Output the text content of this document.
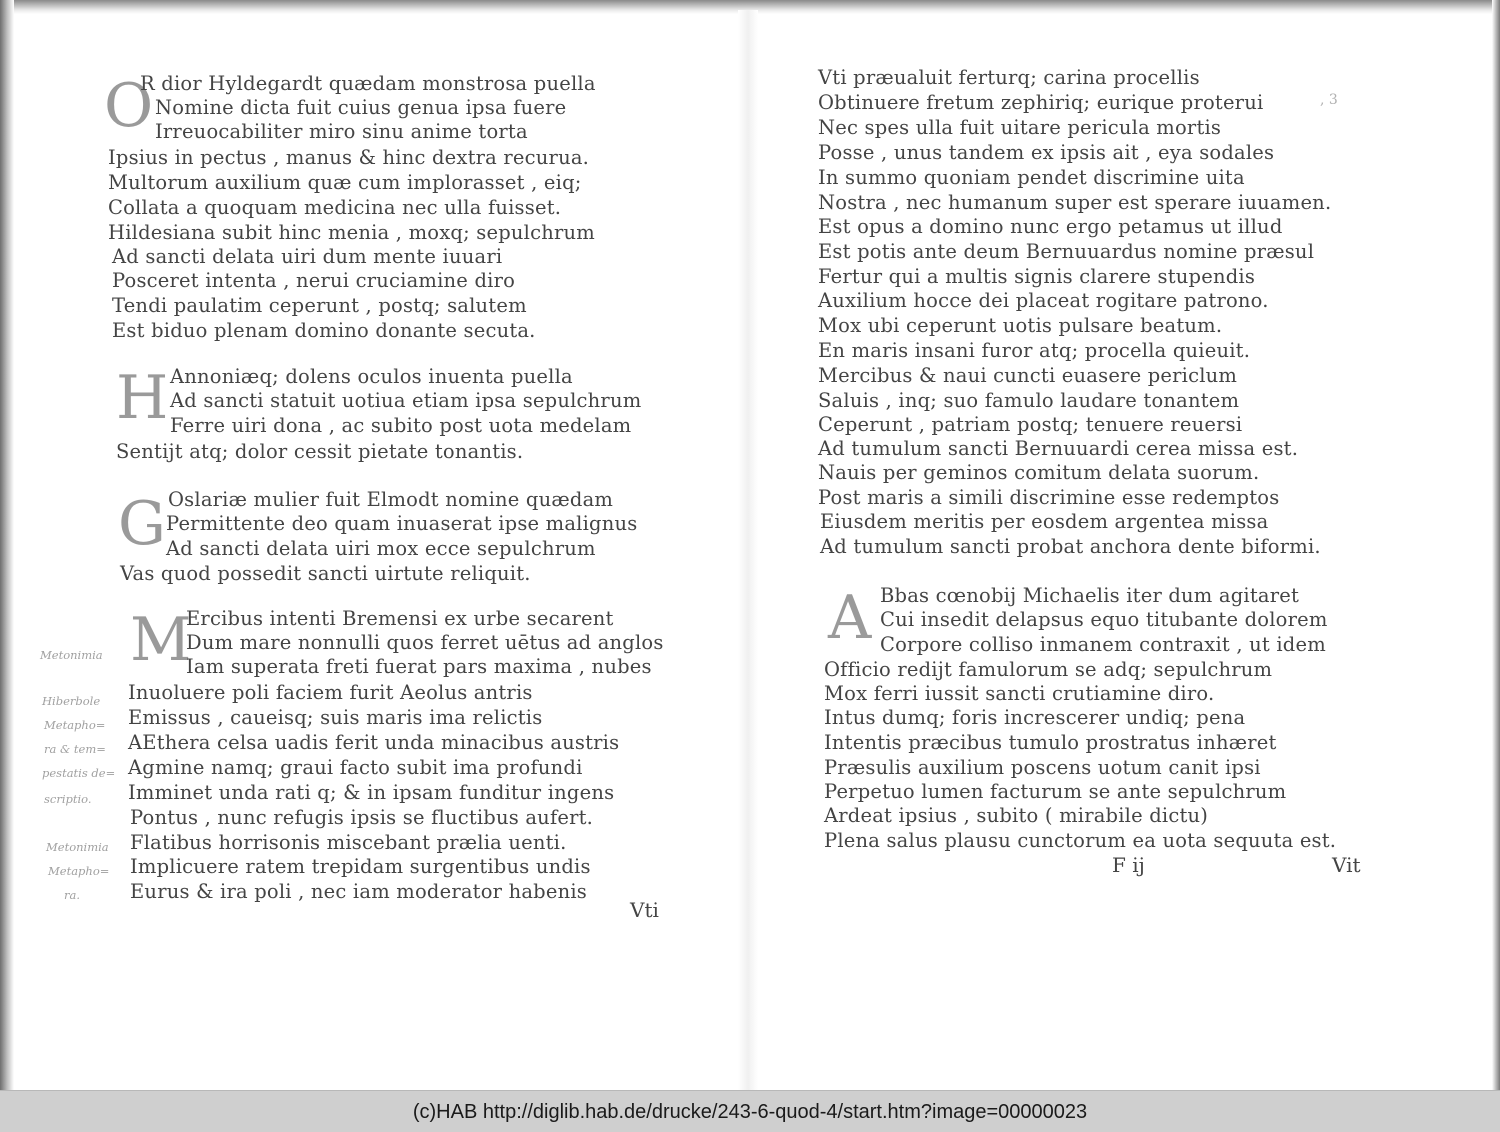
O
R dior Hyldegardt quædam monstrosa puella
Nomine dicta fuit cuius genua ipsa fuere
Irreuocabiliter miro sinu anime torta
Ipsius in pectus , manus & hinc dextra recurua.
Multorum auxilium quæ cum implorasset , eiq;
Collata a quoquam medicina nec ulla fuisset.
Hildesiana subit hinc menia , moxq; sepulchrum
Ad sancti delata uiri dum mente iuuari
Posceret intenta , nerui cruciamine diro
Tendi paulatim ceperunt , postq; salutem
Est biduo plenam domino donante secuta.
H Annoniæq; dolens oculos inuenta puella
Ad sancti statuit uotiua etiam ipsa sepulchrum
Ferre uiri dona , ac subito post uota medelam
Sentijt atq; dolor cessit pietate tonantis.
G Oslariæ mulier fuit Elmodt nomine quædam
Permittente deo quam inuaserat ipse malignus
Ad sancti delata uiri mox ecce sepulchrum
Vas quod possedit sancti uirtute reliquit.
M
Ercibus intenti Bremensi ex urbe secarent
Dum mare nonnulli quos ferret uētus ad anglos
Iam superata freti fuerat pars maxima , nubes
Inuoluere poli faciem furit Aeolus antris
Emissus , caueisq; suis maris ima relictis
AEthera celsa uadis ferit unda minacibus austris
Agmine namq; graui facto subit ima profundi
Imminet unda rati q; & in ipsam funditur ingens
Pontus , nunc refugis ipsis se fluctibus aufert.
Flatibus horrisonis miscebant prælia uenti.
Implicuere ratem trepidam surgentibus undis
Eurus & ira poli , nec iam moderator habenis
Metonimia
Hiberbole
Metapho=
ra & tem=
pestatis de=
scriptio.
Metonimia
Metapho=
ra.
Vti
Vti præualuit ferturq; carina procellis
Obtinuere fretum zephiriq; eurique proterui
Nec spes ulla fuit uitare pericula mortis
Posse , unus tandem ex ipsis ait , eya sodales
In summo quoniam pendet discrimine uita
Nostra , nec humanum super est sperare iuuamen.
Est opus a domino nunc ergo petamus ut illud
Est potis ante deum Bernuuardus nomine præsul
Fertur qui a multis signis clarere stupendis
Auxilium hocce dei placeat rogitare patrono.
Mox ubi ceperunt uotis pulsare beatum.
En maris insani furor atq; procella quieuit.
Mercibus & naui cuncti euasere periclum
Saluis , inq; suo famulo laudare tonantem
Ceperunt , patriam postq; tenuere reuersi
Ad tumulum sancti Bernuuardi cerea missa est.
Nauis per geminos comitum delata suorum.
Post maris a simili discrimine esse redemptos
Eiusdem meritis per eosdem argentea missa
Ad tumulum sancti probat anchora dente biformi.
A Bbas cœnobij Michaelis iter dum agitaret
Cui insedit delapsus equo titubante dolorem
Corpore colliso inmanem contraxit , ut idem
Officio redijt famulorum se adq; sepulchrum
Mox ferri iussit sancti crutiamine diro.
Intus dumq; foris increscerer undiq; pena
Intentis præcibus tumulo prostratus inhæret
Præsulis auxilium poscens uotum canit ipsi
Perpetuo lumen facturum se ante sepulchrum
Ardeat ipsius , subito ( mirabile dictu)
Plena salus plausu cunctorum ea uota sequuta est.
F ij	Vit
, 3
(c)HAB http://diglib.hab.de/drucke/243-6-quod-4/start.htm?image=00000023
